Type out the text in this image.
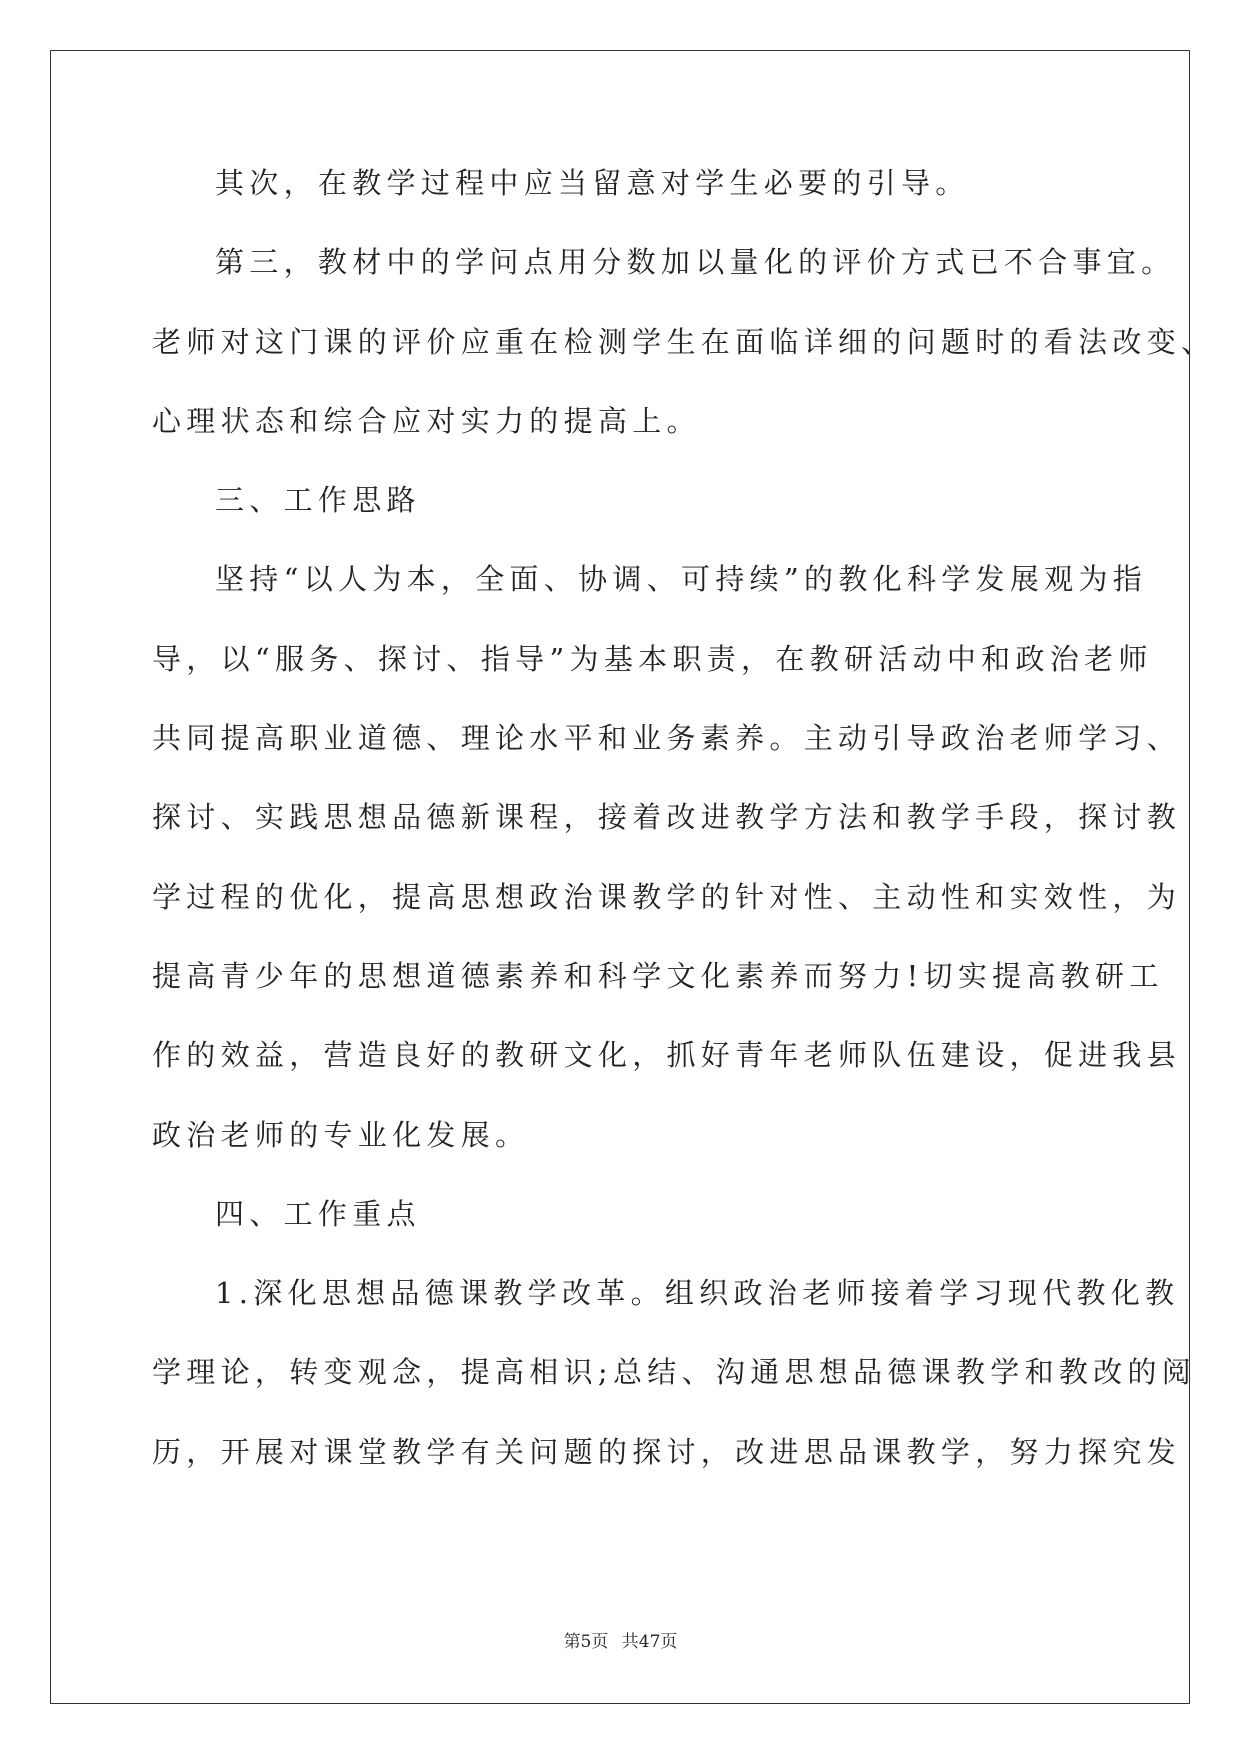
其次，在教学过程中应当留意对学生必要的引导。
第三，教材中的学问点用分数加以量化的评价方式已不合事宜。
老师对这门课的评价应重在检测学生在面临详细的问题时的看法改变、
心理状态和综合应对实力的提高上。
三、工作思路
坚持“以人为本，全面、协调、可持续”的教化科学发展观为指
导，以“服务、探讨、指导”为基本职责，在教研活动中和政治老师
共同提高职业道德、理论水平和业务素养。主动引导政治老师学习、
探讨、实践思想品德新课程，接着改进教学方法和教学手段，探讨教
学过程的优化，提高思想政治课教学的针对性、主动性和实效性，为
提高青少年的思想道德素养和科学文化素养而努力!切实提高教研工
作的效益，营造良好的教研文化，抓好青年老师队伍建设，促进我县
政治老师的专业化发展。
四、工作重点
1.深化思想品德课教学改革。组织政治老师接着学习现代教化教
学理论，转变观念，提高相识;总结、沟通思想品德课教学和教改的阅
历，开展对课堂教学有关问题的探讨，改进思品课教学，努力探究发
第5页 共47页
